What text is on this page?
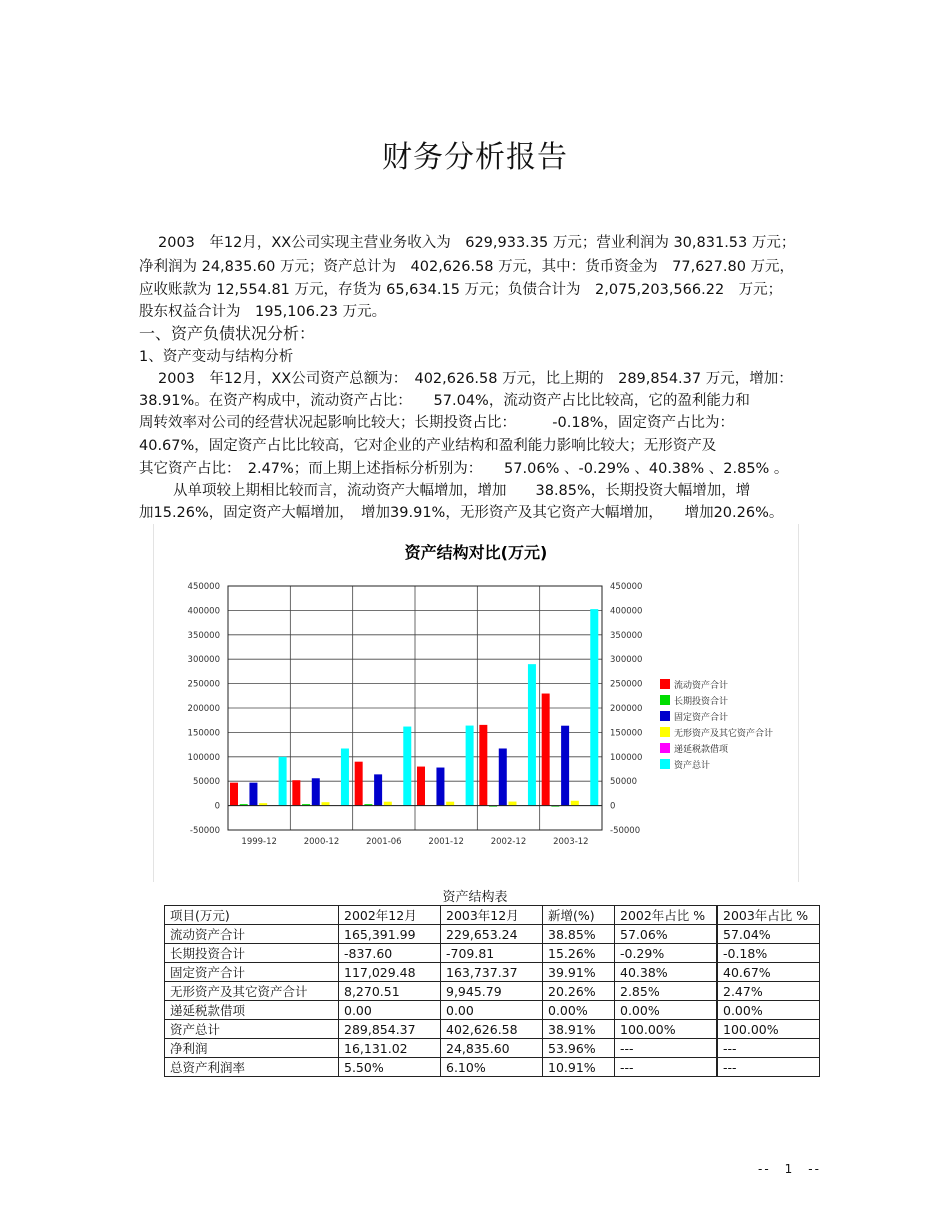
财务分析报告
2003　年12月，XX公司实现主营业务收入为　629,933.35 万元；营业利润为 30,831.53 万元；
净利润为 24,835.60 万元；资产总计为　402,626.58 万元，其中：货币资金为　77,627.80 万元，
应收账款为 12,554.81 万元，存货为 65,634.15 万元；负债合计为　2,075,203,566.22　万元；
股东权益合计为　195,106.23 万元。
一、资产负债状况分析：
1、资产变动与结构分析
2003　年12月，XX公司资产总额为：　402,626.58 万元，比上期的　289,854.37 万元，增加：
38.91%。在资产构成中，流动资产占比：　　57.04%，流动资产占比比较高，它的盈利能力和
周转效率对公司的经营状况起影响比较大；长期投资占比：　　　-0.18%，固定资产占比为：
40.67%，固定资产占比比较高，它对企业的产业结构和盈利能力影响比较大；无形资产及
其它资产占比：　2.47%；而上期上述指标分析别为：　　57.06% 、-0.29% 、40.38% 、2.85% 。
从单项较上期相比较而言，流动资产大幅增加，增加　　38.85%，长期投资大幅增加，增
加15.26%，固定资产大幅增加，　增加39.91%，无形资产及其它资产大幅增加，　　增加20.26%。
资产结构对比(万元)
450000	450000
400000	400000
350000	350000
300000	300000
250000	250000
200000	200000
150000	150000
100000	100000
50000	50000
0	0
-50000	-50000
1999-12	2000-12	2001-06	2001-12	2002-12	2003-12
流动资产合计
长期投资合计
固定资产合计
无形资产及其它资产合计
递延税款借项
资产总计
资产结构表
项目(万元)	2002年12月	2003年12月	新增(%)	2002年占比 %	2003年占比 %
流动资产合计	165,391.99	229,653.24	38.85%	57.06%	57.04%
长期投资合计	-837.60	-709.81	15.26%	-0.29%	-0.18%
固定资产合计	117,029.48	163,737.37	39.91%	40.38%	40.67%
无形资产及其它资产合计	8,270.51	9,945.79	20.26%	2.85%	2.47%
递延税款借项	0.00	0.00	0.00%	0.00%	0.00%
资产总计	289,854.37	402,626.58	38.91%	100.00%	100.00%
净利润	16,131.02	24,835.60	53.96%	---	---
总资产利润率	5.50%	6.10%	10.91%	---	---
--　1　--
